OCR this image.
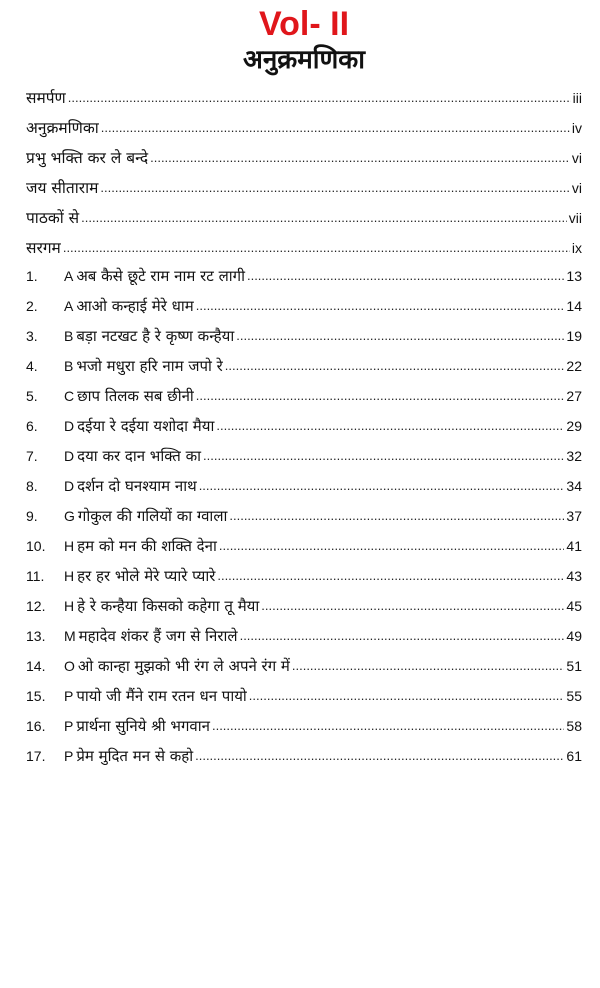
Vol- II
अनुक्रमणिका
समर्पण .....	iii
अनुक्रमणिका .....	iv
प्रभु भक्ति कर ले बन्दे .....	vi
जय सीताराम .....	vi
पाठकों से .....	vii
सरगम .....	ix
1.	A अब कैसे छूटे राम नाम रट लागी .....	13
2.	A आओ कन्हाई मेरे धाम .....	14
3.	B बड़ा नटखट है रे कृष्ण कन्हैया .....	19
4.	B भजो मधुरा हरि नाम जपो रे .....	22
5.	C छाप तिलक सब छीनी .....	27
6.	D दईया रे दईया यशोदा मैया .....	29
7.	D दया कर दान भक्ति का .....	32
8.	D दर्शन दो घनश्याम नाथ .....	34
9.	G गोकुल की गलियों का ग्वाला .....	37
10.	H हम को मन की शक्ति देना .....	41
11.	H हर हर भोले मेरे प्यारे प्यारे .....	43
12.	H हे रे कन्हैया किसको कहेगा तू मैया .....	45
13.	M महादेव शंकर हैं जग से निराले .....	49
14.	O ओ कान्हा मुझको भी रंग ले अपने रंग में .....	51
15.	P पायो जी मैंने राम रतन धन पायो .....	55
16.	P प्रार्थना सुनिये श्री भगवान .....	58
17.	P प्रेम मुदित मन से कहो .....	61
